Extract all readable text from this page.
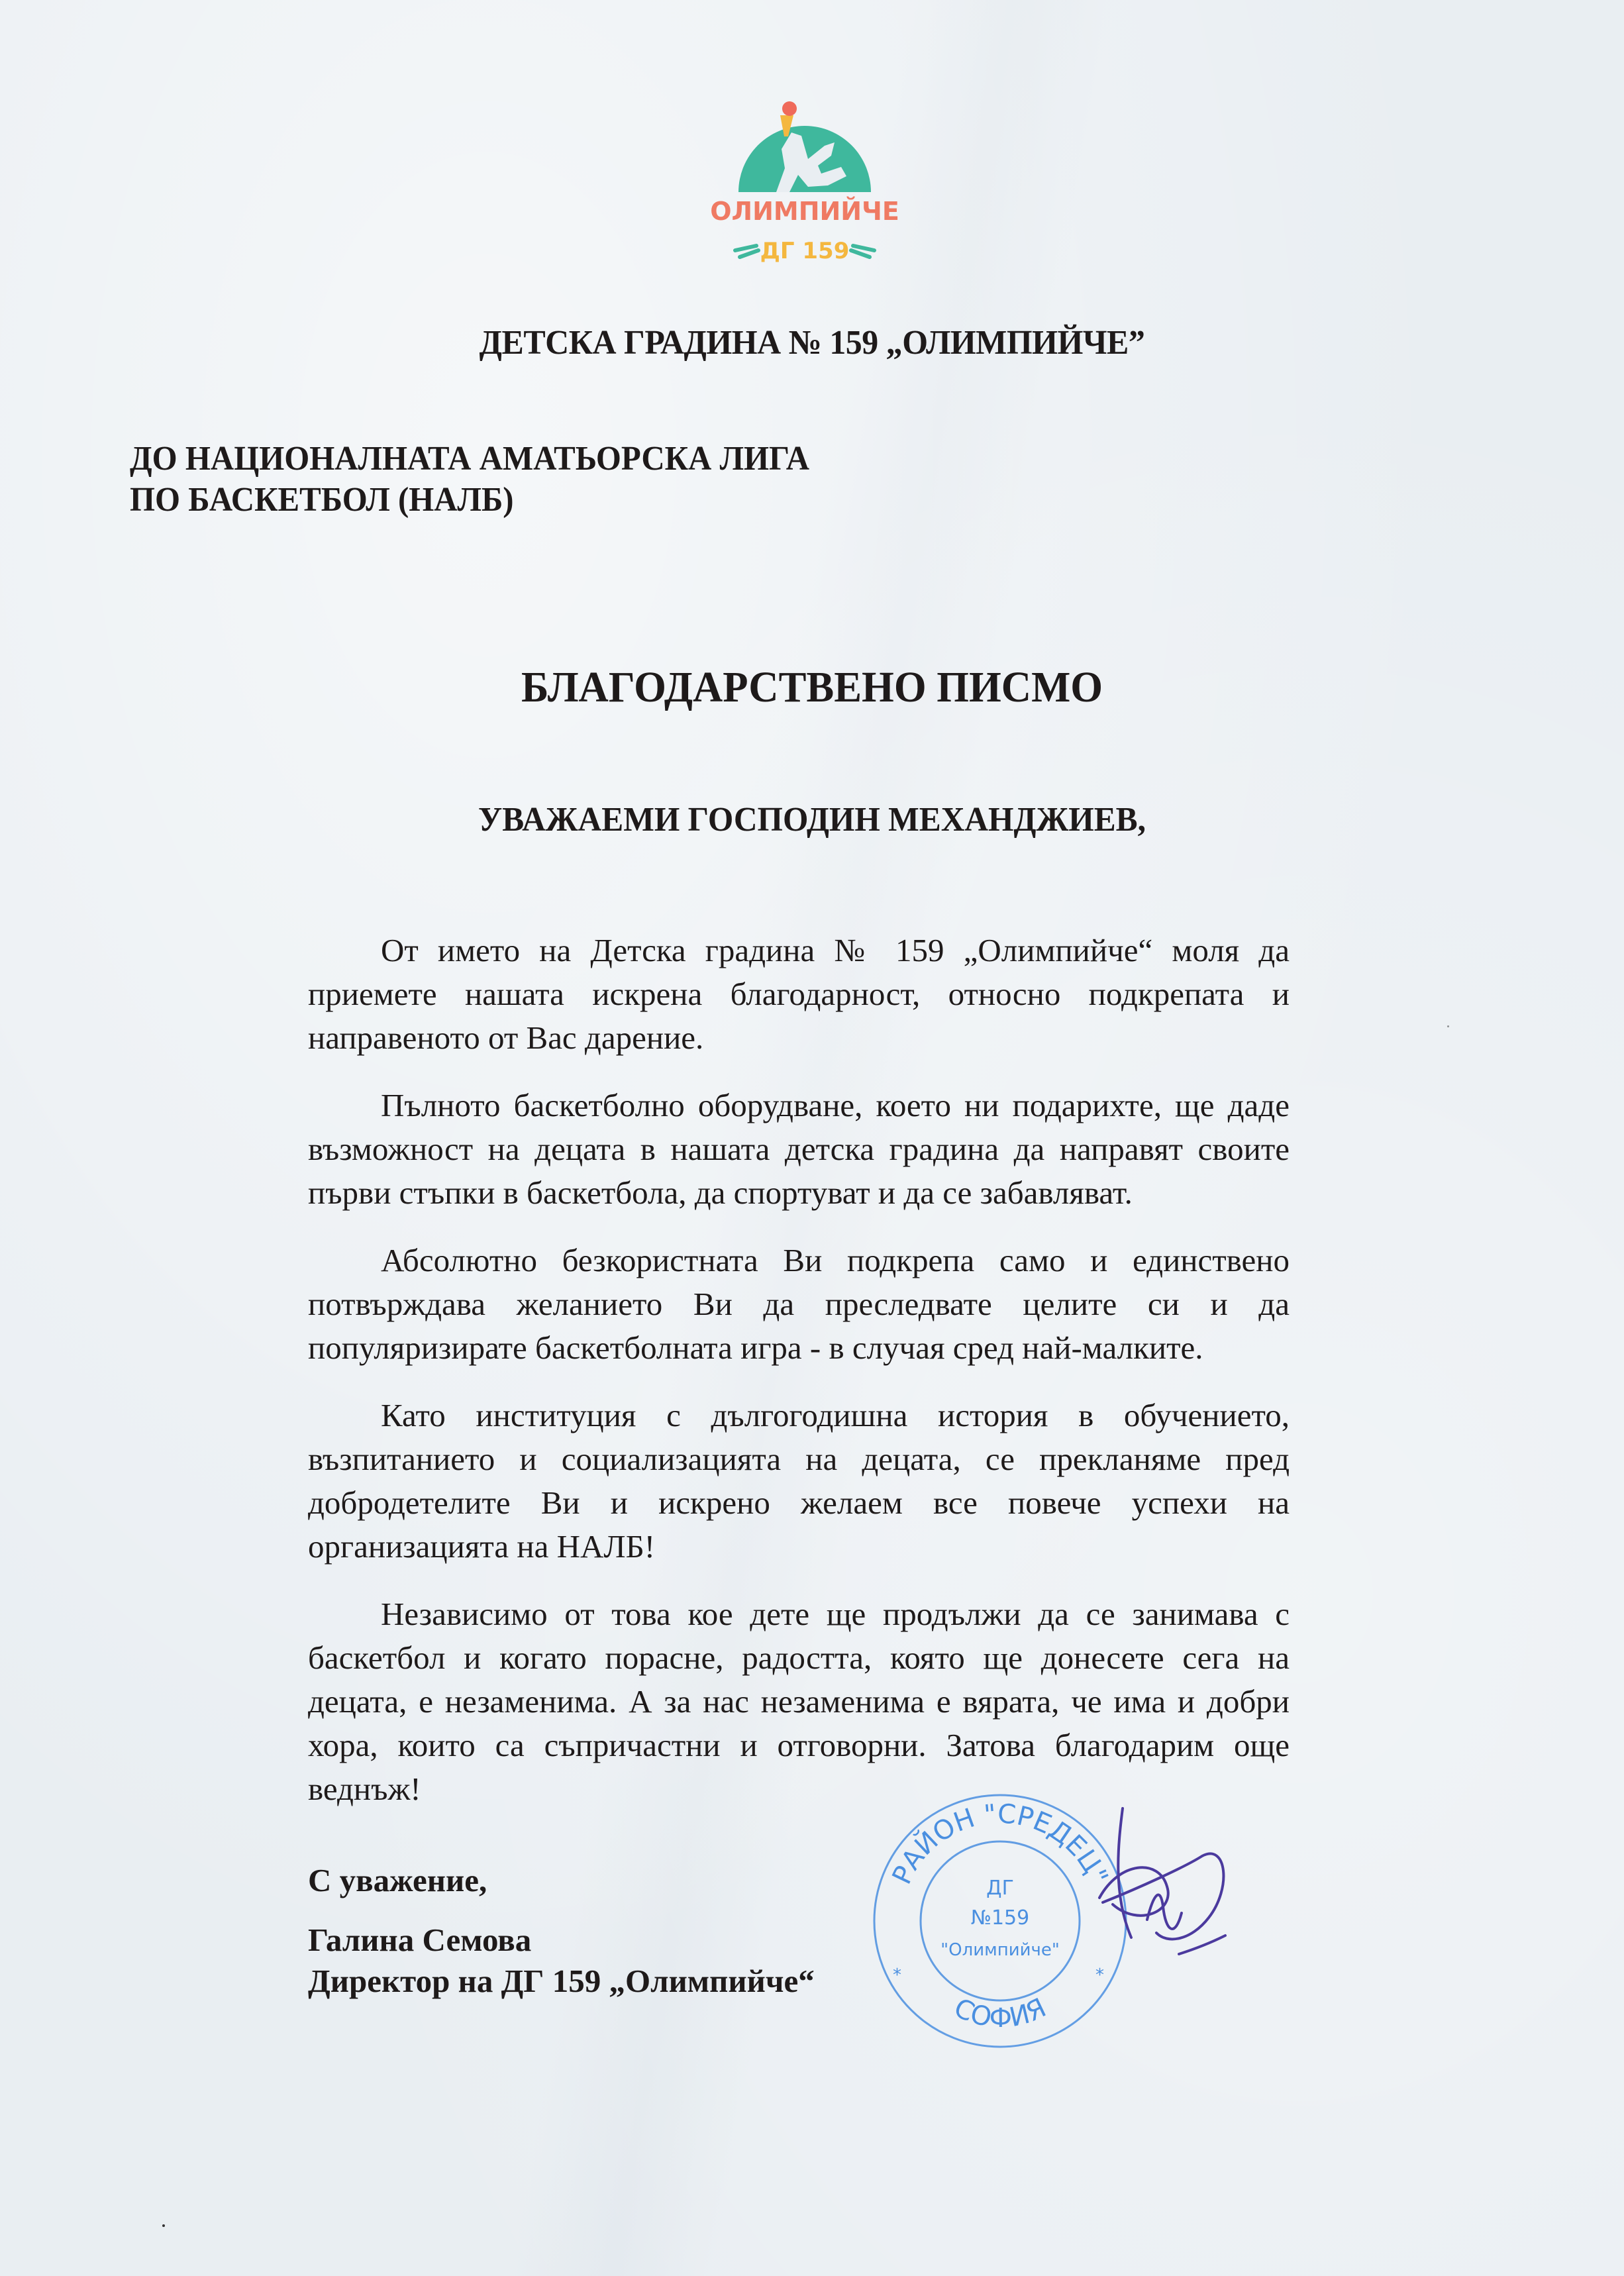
ОЛИМПИЙЧЕ
ДГ 159
ДЕТСКА ГРАДИНА № 159 „ОЛИМПИЙЧЕ”
ДО НАЦИОНАЛНАТА АМАТЬОРСКА ЛИГА
ПО БАСКЕТБОЛ (НАЛБ)
БЛАГОДАРСТВЕНО ПИСМО
УВАЖАЕМИ ГОСПОДИН МЕХАНДЖИЕВ,

От името на Детска градина № 159 „Олимпийче“ моля да приемете нашата искрена благодарност, относно подкрепата и направеното от Вас дарение.

Пълното баскетболно оборудване, което ни подарихте, ще даде възможност на децата в нашата детска градина да направят своите първи стъпки в баскетбола, да спортуват и да се забавляват.

Абсолютно безкористната Ви подкрепа само и единствено потвърждава желанието Ви да преследвате целите си и да популяризирате баскетболната игра - в случая сред най-малките.

Като институция с дългогодишна история в обучението, възпитанието и социализацията на децата, се прекланяме пред добродетелите Ви и искрено желаем все повече успехи на организацията на НАЛБ!

Независимо от това кое дете ще продължи да се занимава с баскетбол и когато порасне, радостта, която ще донесете сега на децата, е незаменима. А за нас незаменима е вярата, че има и добри хора, които са съпричастни и отговорни. Затова благодарим още веднъж!

С уважение,
Галина Семова
Директор на ДГ 159 „Олимпийче“
РАЙОН "СРЕДЕЦ"
СОФИЯ
ДГ
№159
"Олимпийче"
*	*
